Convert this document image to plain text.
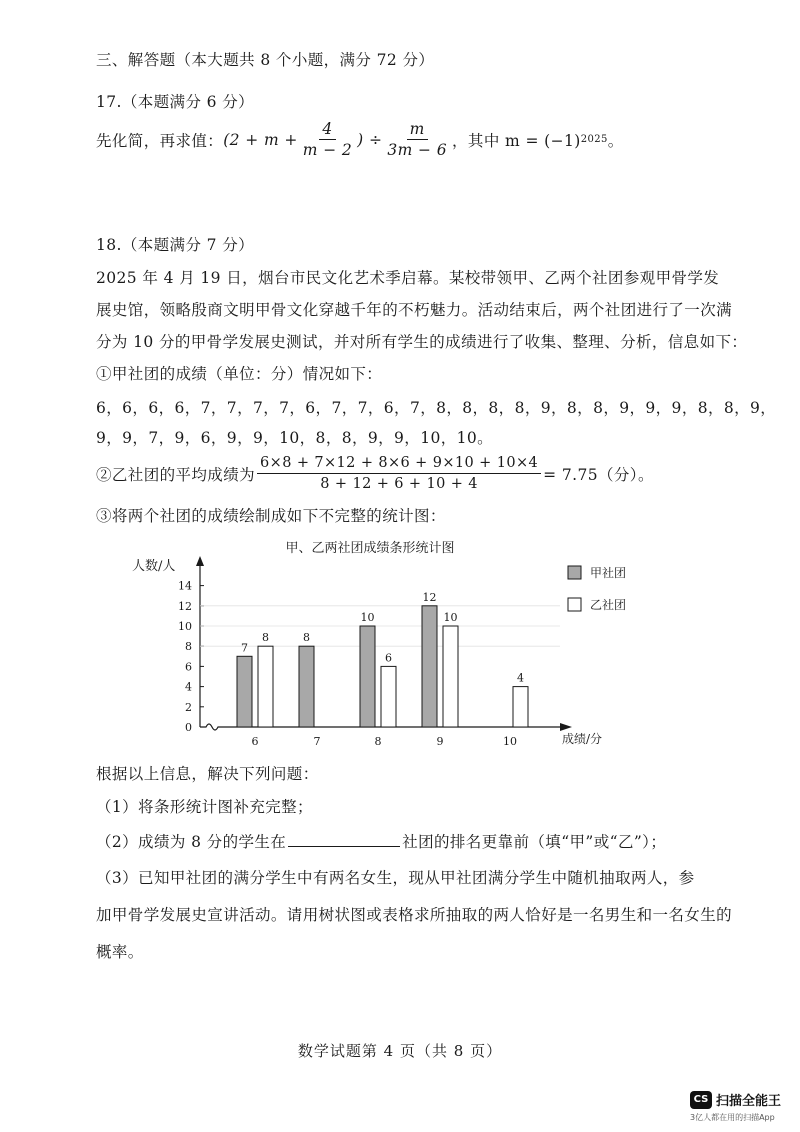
三、解答题（本大题共 8 个小题，满分 72 分）
17.（本题满分 6 分）
先化简，再求值： ($2 + m + \frac{4}{m - 2}$ ) ÷ $\frac{m}{3m - 6}$ ，其中 m = (−1) 2025 。
18.（本题满分 7 分）
2025 年 4 月 19 日，烟台市民文化艺术季启幕。某校带领甲、乙两个社团参观甲骨学发
展史馆，领略殷商文明甲骨文化穿越千年的不朽魅力。活动结束后，两个社团进行了一次满
分为 10 分的甲骨学发展史测试，并对所有学生的成绩进行了收集、整理、分析，信息如下：
①甲社团的成绩（单位：分）情况如下：
6，6，6，6，7，7，7，7，6，7，7，6，7，8，8，8，8，9，8，8，9，9，9，8，8，9，
9，9，7，9，6，9，9，10，8，8，9，9，10，10。
②乙社团的平均成绩为 $\frac{6\times 8 + 7\times 12 + 8\times 6 + 9\times 10 + 10\times 4}{8 + 12 + 6 + 10 + 4} = 7.75$（分）。
③将两个社团的成绩绘制成如下不完整的统计图：
甲、乙两社团成绩条形统计图
人数/人
成绩/分
0
2
4
6
8
10
12
14
6	7	8	9	10
7
8
10
12
8
6
10
4
甲社团
乙社团
根据以上信息，解决下列问题：
（1）将条形统计图补充完整；
（2）成绩为 8 分的学生在	社团的排名更靠前（填“甲”或“乙”）；
（3）已知甲社团的满分学生中有两名女生，现从甲社团满分学生中随机抽取两人，参
加甲骨学发展史宣讲活动。请用树状图或表格求所抽取的两人恰好是一名男生和一名女生的
概率。
数学试题第 4 页（共 8 页）
CS 扫描全能王
3亿人都在用的扫描App
